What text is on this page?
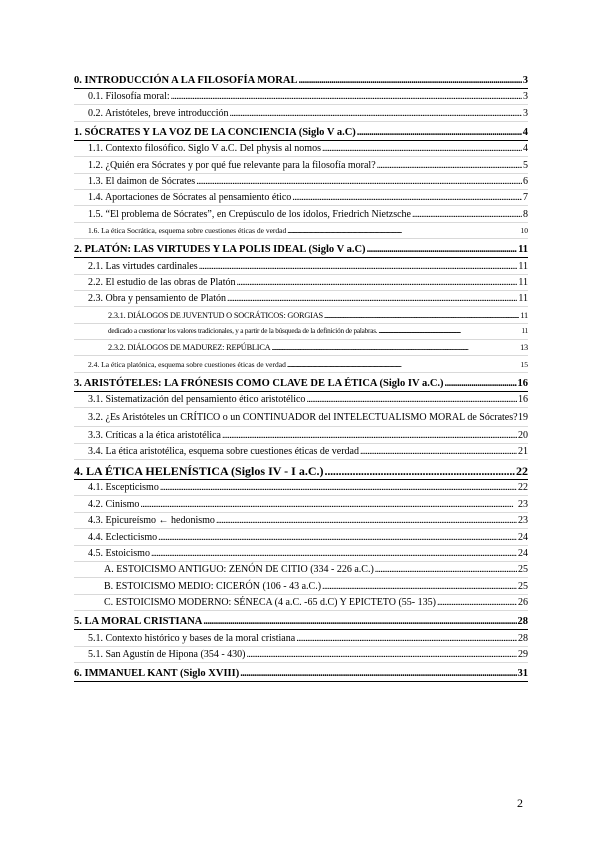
0. INTRODUCCIÓN A LA FILOSOFÍA MORAL . . .	3
0.1. Filosofía moral: . . .	3
0.2. Aristóteles, breve introducción . . .	3
1. SÓCRATES Y LA VOZ DE LA CONCIENCIA (Siglo V a.C) . . .	4
1.1. Contexto filosófico. Siglo V a.C. Del physis al nomos . . .	4
1.2. ¿Quién era Sócrates y por qué fue relevante para la filosofía moral? . . .	5
1.3. El daimon de Sócrates . . .	6
1.4. Aportaciones de Sócrates al pensamiento ético . . .	7
1.5. “El problema de Sócrates”, en Crepúsculo de los ídolos, Friedrich Nietzsche . . .	8
1.6. La ética Socrática, esquema sobre cuestiones éticas de verdad . . .	10
2. PLATÓN: LAS VIRTUDES Y LA POLIS IDEAL (Siglo V a.C) . . .	11
2.1. Las virtudes cardinales . . .	11
2.2. El estudio de las obras de Platón . . .	11
2.3. Obra y pensamiento de Platón . . .	11
2.3.1. DIÁLOGOS DE JUVENTUD O SOCRÁTICOS: GORGIAS . . .	11
dedicado a cuestionar los valores tradicionales, y a partir de la búsqueda de la definición de palabras. . . .	11
2.3.2. DIÁLOGOS DE MADUREZ: REPÚBLICA . . .	13
2.4. La ética platónica, esquema sobre cuestiones éticas de verdad . . .	15
3. ARISTÓTELES: LA FRÓNESIS COMO CLAVE DE LA ÉTICA (Siglo IV a.C.) . . .	16
3.1. Sistematización del pensamiento ético aristotélico . . .	16
3.2. ¿Es Aristóteles un CRÍTICO o un CONTINUADOR del INTELECTUALISMO MORAL de Sócrates? 19
3.3. Críticas a la ética aristotélica . . .	20
3.4. La ética aristotélica, esquema sobre cuestiones éticas de verdad . . .	21
4. LA ÉTICA HELENÍSTICA (Siglos IV - I a.C.) . . .	22
4.1. Escepticismo . . .	22
4.2. Cinismo . . .	23
4.3. Epicureísmo ← hedonismo . . .	23
4.4. Eclecticismo . . .	24
4.5. Estoicismo . . .	24
A. ESTOICISMO ANTIGUO: ZENÓN DE CITIO (334 - 226 a.C.) . . .	25
B. ESTOICISMO MEDIO: CICERÓN (106 - 43 a.C.) . . .	25
C. ESTOICISMO MODERNO: SÉNECA (4 a.C. -65 d.C) Y EPICTETO (55- 135) . . .	26
5. LA MORAL CRISTIANA . . .	28
5.1. Contexto histórico y bases de la moral cristiana . . .	28
5.1. San Agustín de Hipona (354 - 430) . . .	29
6. IMMANUEL KANT (Siglo XVIII) . . .	31
2
